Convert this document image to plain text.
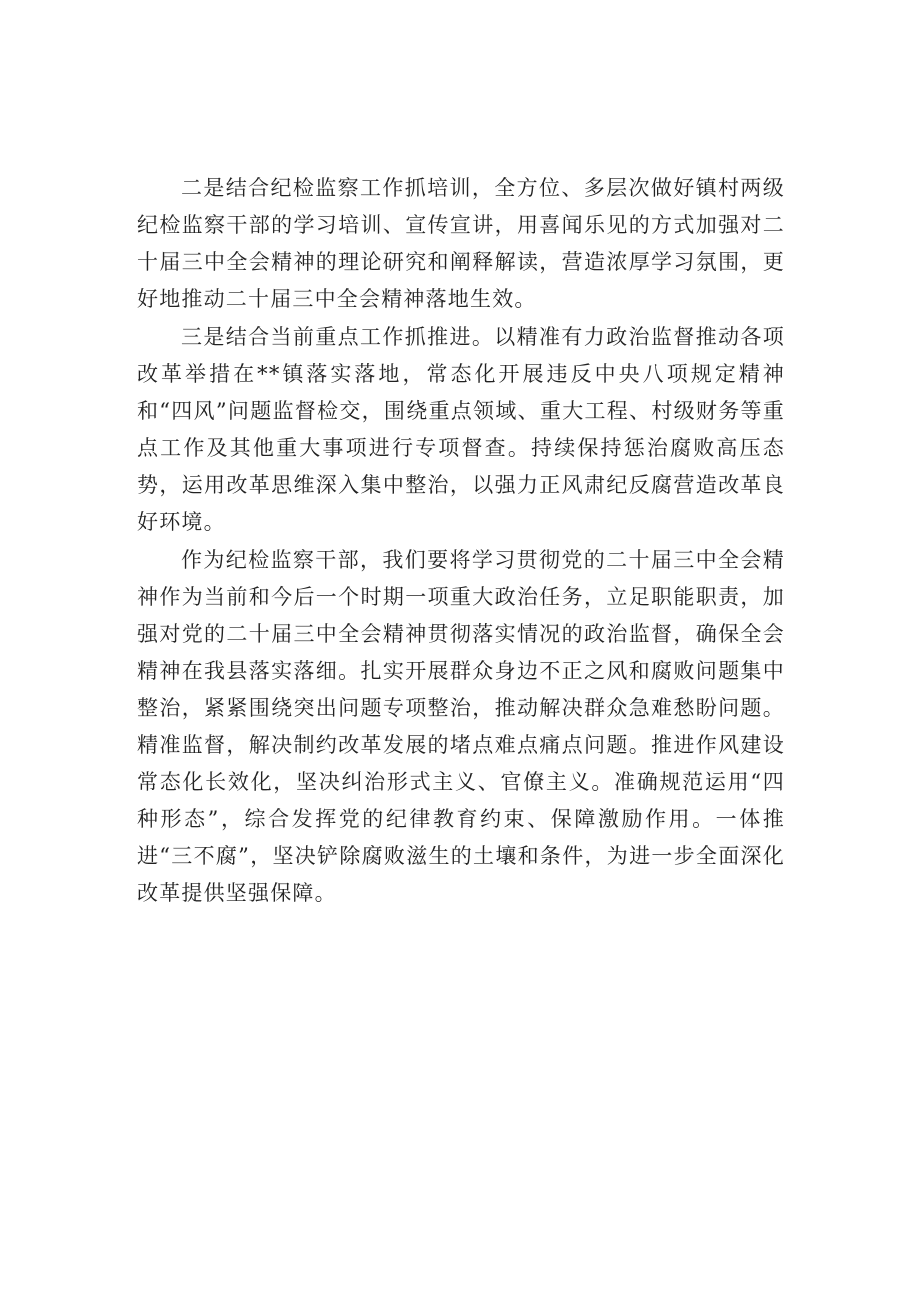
二是结合纪检监察工作抓培训，全方位、多层次做好镇村两级纪检监察干部的学习培训、宣传宣讲，用喜闻乐见的方式加强对二十届三中全会精神的理论研究和阐释解读，营造浓厚学习氛围，更好地推动二十届三中全会精神落地生效。

三是结合当前重点工作抓推进。以精准有力政治监督推动各项改革举措在**镇落实落地，常态化开展违反中央八项规定精神和“四风”问题监督检交，围绕重点领域、重大工程、村级财务等重点工作及其他重大事项进行专项督查。持续保持惩治腐败高压态势，运用改革思维深入集中整治，以强力正风肃纪反腐营造改革良好环境。

作为纪检监察干部，我们要将学习贯彻党的二十届三中全会精神作为当前和今后一个时期一项重大政治任务，立足职能职责，加强对党的二十届三中全会精神贯彻落实情况的政治监督，确保全会精神在我县落实落细。扎实开展群众身边不正之风和腐败问题集中整治，紧紧围绕突出问题专项整治，推动解决群众急难愁盼问题。精准监督，解决制约改革发展的堵点难点痛点问题。推进作风建设常态化长效化，坚决纠治形式主义、官僚主义。准确规范运用“四种形态”，综合发挥党的纪律教育约束、保障激励作用。一体推进“三不腐”，坚决铲除腐败滋生的土壤和条件，为进一步全面深化改革提供坚强保障。
